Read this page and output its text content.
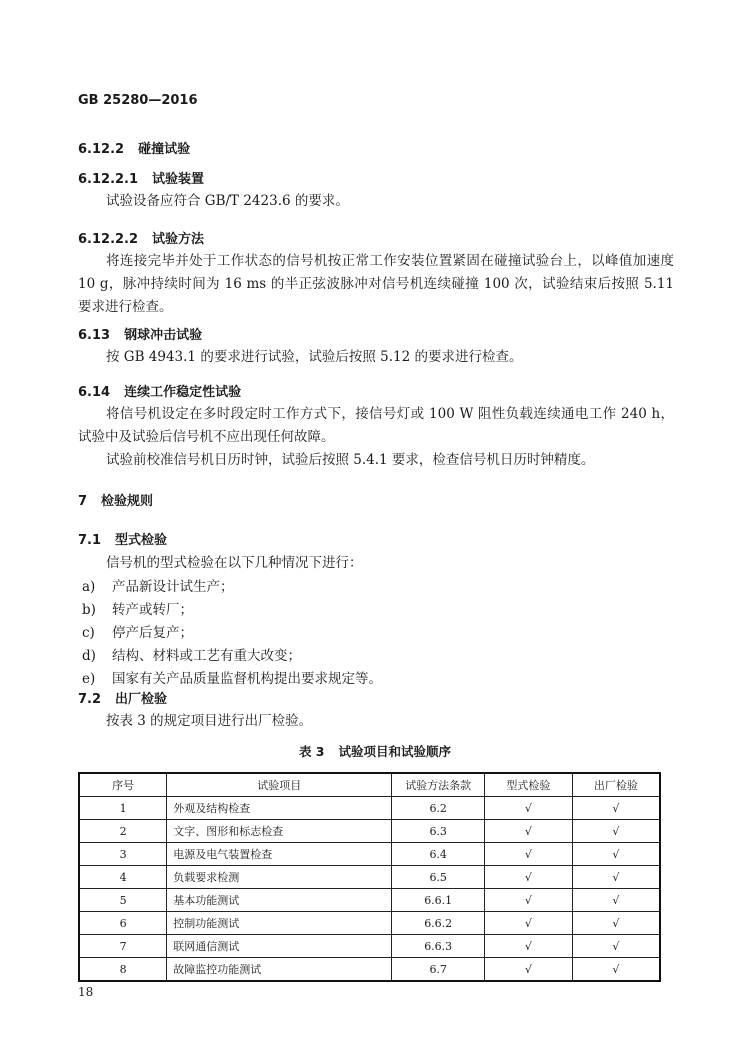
GB 25280—2016
6.12.2 碰撞试验
6.12.2.1 试验装置
试验设备应符合 GB/T 2423.6 的要求。
6.12.2.2 试验方法
将连接完毕并处于工作状态的信号机按正常工作安装位置紧固在碰撞试验台上，以峰值加速度 10 g，脉冲持续时间为 16 ms 的半正弦波脉冲对信号机连续碰撞 100 次，试验结束后按照 5.11 要求进行检查。
6.13 钢球冲击试验
按 GB 4943.1 的要求进行试验，试验后按照 5.12 的要求进行检查。
6.14 连续工作稳定性试验
将信号机设定在多时段定时工作方式下，接信号灯或 100 W 阻性负载连续通电工作 240 h，试验中及试验后信号机不应出现任何故障。
试验前校准信号机日历时钟，试验后按照 5.4.1 要求，检查信号机日历时钟精度。
7 检验规则
7.1 型式检验
信号机的型式检验在以下几种情况下进行：
a) 产品新设计试生产；
b) 转产或转厂；
c) 停产后复产；
d) 结构、材料或工艺有重大改变；
e) 国家有关产品质量监督机构提出要求规定等。
7.2 出厂检验
按表 3 的规定项目进行出厂检验。
表 3 试验项目和试验顺序
序号	试验项目	试验方法条款	型式检验	出厂检验
1	外观及结构检查	6.2	√	√
2	文字、图形和标志检查	6.3	√	√
3	电源及电气装置检查	6.4	√	√
4	负载要求检测	6.5	√	√
5	基本功能测试	6.6.1	√	√
6	控制功能测试	6.6.2	√	√
7	联网通信测试	6.6.3	√	√
8	故障监控功能测试	6.7	√	√
18
